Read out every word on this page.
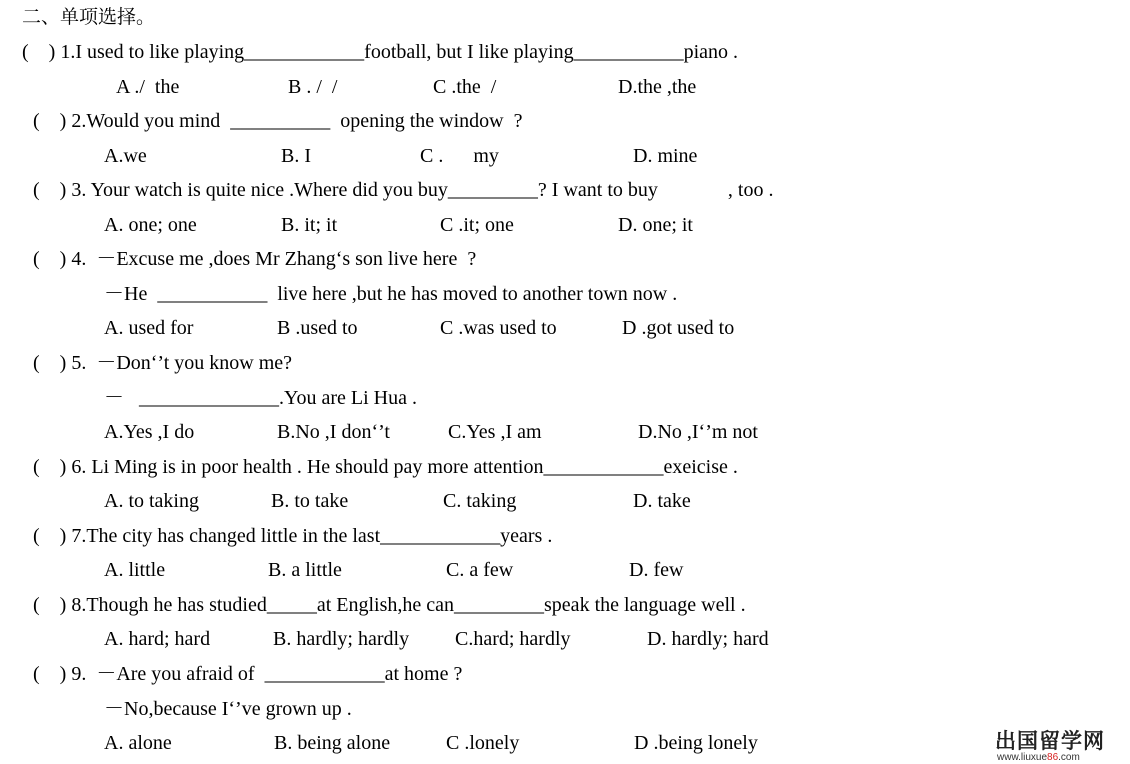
二、单项选择。
(    ) 1.I used to like playing____________football, but I like playing___________piano .
A ./  the	B . /  /	C .the  /	D.the ,the
(    ) 2.Would you mind  __________  opening the window  ?
A.we	B. I	C .      my	D. mine
(    ) 3. Your watch is quite nice .Where did you buy_________? I want to buy              , too .
A. one; one	B. it; it	C .it; one	D. one; it
(    ) 4.  －Excuse me ,does Mr Zhang‘s son live here  ?
－He  ___________  live here ,but he has moved to another town now .
A. used for	B .used to	C .was used to	D .got used to
(    ) 5.  －Don‘’t you know me?
－   ______________.You are Li Hua .
A.Yes ,I do	B.No ,I don‘’t	C.Yes ,I am	D.No ,I‘’m not
(    ) 6. Li Ming is in poor health . He should pay more attention____________exeicise .
A. to taking	B. to take	C. taking	D. take
(    ) 7.The city has changed little in the last____________years .
A. little	B. a little	C. a few	D. few
(    ) 8.Though he has studied_____at English,he can_________speak the language well .
A. hard; hard	B. hardly; hardly C.hard; hardly	D. hardly; hard
(    ) 9.  －Are you afraid of  ____________at home ?
－No,because I‘’ve grown up .
A. alone	B. being alone	C .lonely	D .being lonely	出国留学网
www.liuxue86.com
